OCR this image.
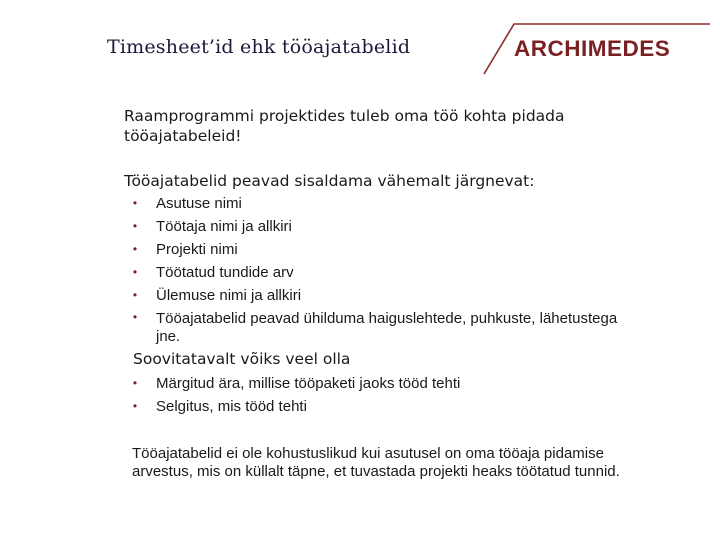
Timesheet’id ehk tööajatabelid	ARCHIMEDES

Raamprogrammi projektides tuleb oma töö kohta pidada tööajatabeleid!

Tööajatabelid peavad sisaldama vähemalt järgnevat:

• Asutuse nimi
• Töötaja nimi ja allkiri
• Projekti nimi
• Töötatud tundide arv
• Ülemuse nimi ja allkiri
• Tööajatabelid peavad ühilduma haiguslehtede, puhkuste, lähetustega jne.

Soovitatavalt võiks veel olla

• Märgitud ära, millise tööpaketi jaoks tööd tehti
• Selgitus, mis tööd tehti

Tööajatabelid ei ole kohustuslikud kui asutusel on oma tööaja pidamise arvestus, mis on küllalt täpne, et tuvastada projekti heaks töötatud tunnid.
